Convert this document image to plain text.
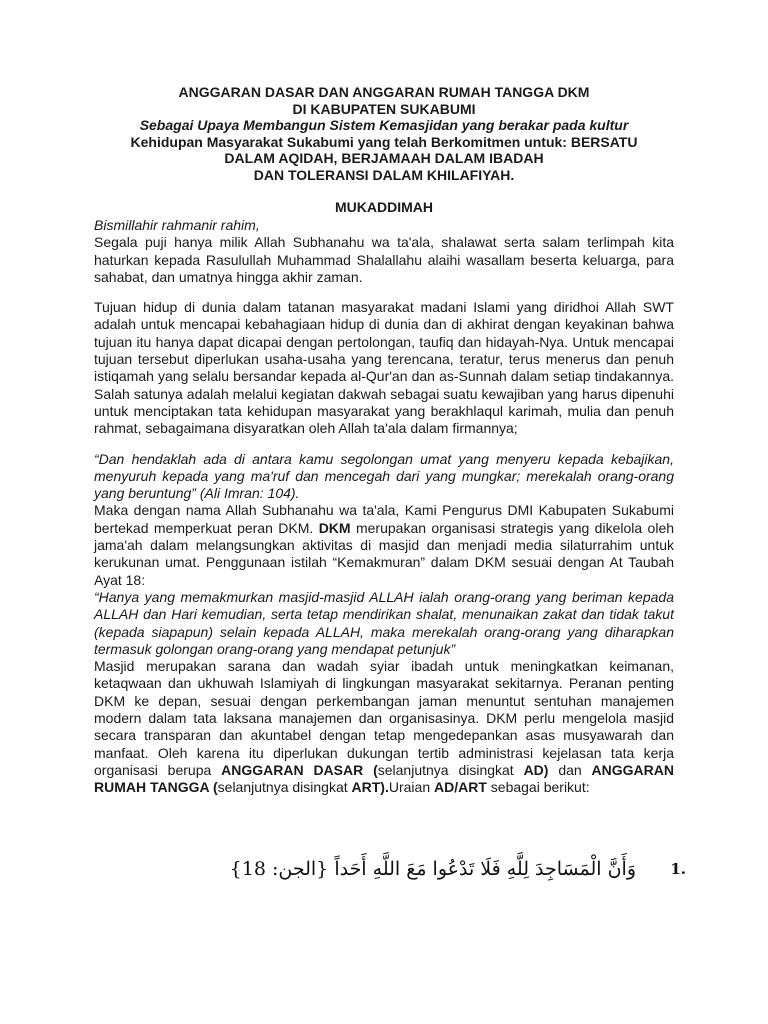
ANGGARAN DASAR DAN ANGGARAN RUMAH TANGGA DKM
DI KABUPATEN SUKABUMI
Sebagai Upaya Membangun Sistem Kemasjidan yang berakar pada kultur
Kehidupan Masyarakat Sukabumi yang telah Berkomitmen untuk: BERSATU
DALAM AQIDAH, BERJAMAAH DALAM IBADAH
DAN TOLERANSI DALAM KHILAFIYAH.
MUKADDIMAH

Bismillahir rahmanir rahim,

Segala puji hanya milik Allah Subhanahu wa ta'ala, shalawat serta salam terlimpah kita haturkan kepada Rasulullah Muhammad Shalallahu alaihi wasallam beserta keluarga, para sahabat, dan umatnya hingga akhir zaman.

Tujuan hidup di dunia dalam tatanan masyarakat madani Islami yang diridhoi Allah SWT adalah untuk mencapai kebahagiaan hidup di dunia dan di akhirat dengan keyakinan bahwa tujuan itu hanya dapat dicapai dengan pertolongan, taufiq dan hidayah-Nya. Untuk mencapai tujuan tersebut diperlukan usaha-usaha yang terencana, teratur, terus menerus dan penuh istiqamah yang selalu bersandar kepada al-Qur'an dan as-Sunnah dalam setiap tindakannya. Salah satunya adalah melalui kegiatan dakwah sebagai suatu kewajiban yang harus dipenuhi untuk menciptakan tata kehidupan masyarakat yang berakhlaqul karimah, mulia dan penuh rahmat, sebagaimana disyaratkan oleh Allah ta'ala dalam firmannya;

“Dan hendaklah ada di antara kamu segolongan umat yang menyeru kepada kebajikan, menyuruh kepada yang ma'ruf dan mencegah dari yang mungkar; merekalah orang-orang yang beruntung” (Ali Imran: 104).

Maka dengan nama Allah Subhanahu wa ta'ala, Kami Pengurus DMI Kabupaten Sukabumi bertekad memperkuat peran DKM. DKM merupakan organisasi strategis yang dikelola oleh jama'ah dalam melangsungkan aktivitas di masjid dan menjadi media silaturrahim untuk kerukunan umat. Penggunaan istilah “Kemakmuran” dalam DKM sesuai dengan At Taubah Ayat 18:

“Hanya yang memakmurkan masjid-masjid ALLAH ialah orang-orang yang beriman kepada ALLAH dan Hari kemudian, serta tetap mendirikan shalat, menunaikan zakat dan tidak takut (kepada siapapun) selain kepada ALLAH, maka merekalah orang-orang yang diharapkan termasuk golongan orang-orang yang mendapat petunjuk”

Masjid merupakan sarana dan wadah syiar ibadah untuk meningkatkan keimanan, ketaqwaan dan ukhuwah Islamiyah di lingkungan masyarakat sekitarnya. Peranan penting DKM ke depan, sesuai dengan perkembangan jaman menuntut sentuhan manajemen modern dalam tata laksana manajemen dan organisasinya. DKM perlu mengelola masjid secara transparan dan akuntabel dengan tetap mengedepankan asas musyawarah dan manfaat. Oleh karena itu diperlukan dukungan tertib administrasi kejelasan tata kerja organisasi berupa ANGGARAN DASAR (selanjutnya disingkat AD) dan ANGGARAN RUMAH TANGGA (selanjutnya disingkat ART).Uraian AD/ART sebagai berikut:

وَأَنَّ الْمَسَاجِدَ لِلَّهِ فَلَا تَدْعُوا مَعَ اللَّهِ أَحَداً {الجن: 18}	1.
